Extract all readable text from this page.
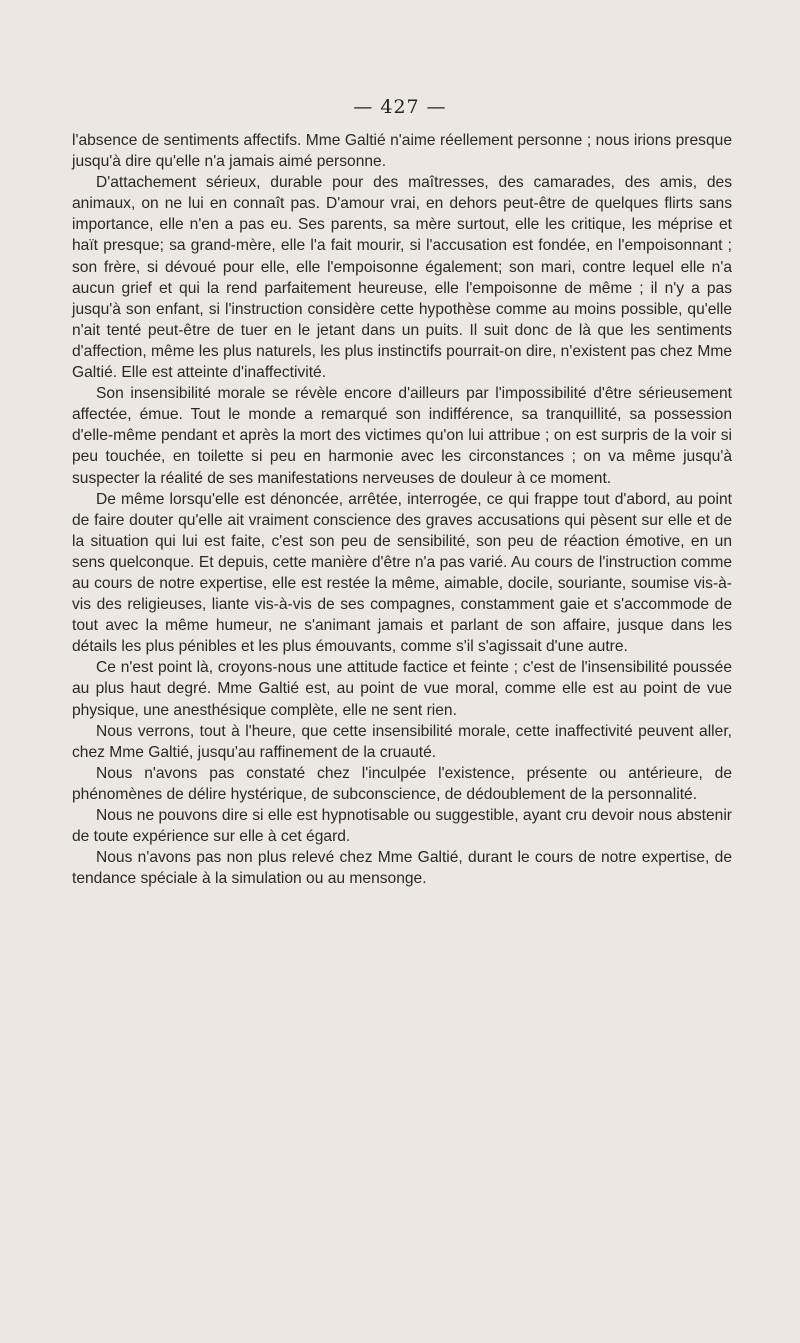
— 427 —

l'absence de sentiments affectifs. Mme Galtié n'aime réellement personne ; nous irions presque jusqu'à dire qu'elle n'a jamais aimé personne.

D'attachement sérieux, durable pour des maîtresses, des camarades, des amis, des animaux, on ne lui en connaît pas. D'amour vrai, en dehors peut-être de quelques flirts sans importance, elle n'en a pas eu. Ses parents, sa mère surtout, elle les critique, les méprise et haït presque; sa grand-mère, elle l'a fait mourir, si l'accusation est fondée, en l'empoisonnant ; son frère, si dévoué pour elle, elle l'empoisonne également; son mari, contre lequel elle n'a aucun grief et qui la rend parfaitement heureuse, elle l'empoisonne de même ; il n'y a pas jusqu'à son enfant, si l'instruction considère cette hypothèse comme au moins possible, qu'elle n'ait tenté peut-être de tuer en le jetant dans un puits. Il suit donc de là que les sentiments d'affection, même les plus naturels, les plus instinctifs pourrait-on dire, n'existent pas chez Mme Galtié. Elle est atteinte d'inaffectivité.

Son insensibilité morale se révèle encore d'ailleurs par l'impossibilité d'être sérieusement affectée, émue. Tout le monde a remarqué son indifférence, sa tranquillité, sa possession d'elle-même pendant et après la mort des victimes qu'on lui attribue ; on est surpris de la voir si peu touchée, en toilette si peu en harmonie avec les circonstances ; on va même jusqu'à suspecter la réalité de ses manifestations nerveuses de douleur à ce moment.

De même lorsqu'elle est dénoncée, arrêtée, interrogée, ce qui frappe tout d'abord, au point de faire douter qu'elle ait vraiment conscience des graves accusations qui pèsent sur elle et de la situation qui lui est faite, c'est son peu de sensibilité, son peu de réaction émotive, en un sens quelconque. Et depuis, cette manière d'être n'a pas varié. Au cours de l'instruction comme au cours de notre expertise, elle est restée la même, aimable, docile, souriante, soumise vis-à-vis des religieuses, liante vis-à-vis de ses compagnes, constamment gaie et s'accommode de tout avec la même humeur, ne s'animant jamais et parlant de son affaire, jusque dans les détails les plus pénibles et les plus émouvants, comme s'il s'agissait d'une autre.

Ce n'est point là, croyons-nous une attitude factice et feinte ; c'est de l'insensibilité poussée au plus haut degré. Mme Galtié est, au point de vue moral, comme elle est au point de vue physique, une anesthésique complète, elle ne sent rien.

Nous verrons, tout à l'heure, que cette insensibilité morale, cette inaffectivité peuvent aller, chez Mme Galtié, jusqu'au raffinement de la cruauté.

Nous n'avons pas constaté chez l'inculpée l'existence, présente ou antérieure, de phénomènes de délire hystérique, de subconscience, de dédoublement de la personnalité.

Nous ne pouvons dire si elle est hypnotisable ou suggestible, ayant cru devoir nous abstenir de toute expérience sur elle à cet égard.

Nous n'avons pas non plus relevé chez Mme Galtié, durant le cours de notre expertise, de tendance spéciale à la simulation ou au mensonge.
